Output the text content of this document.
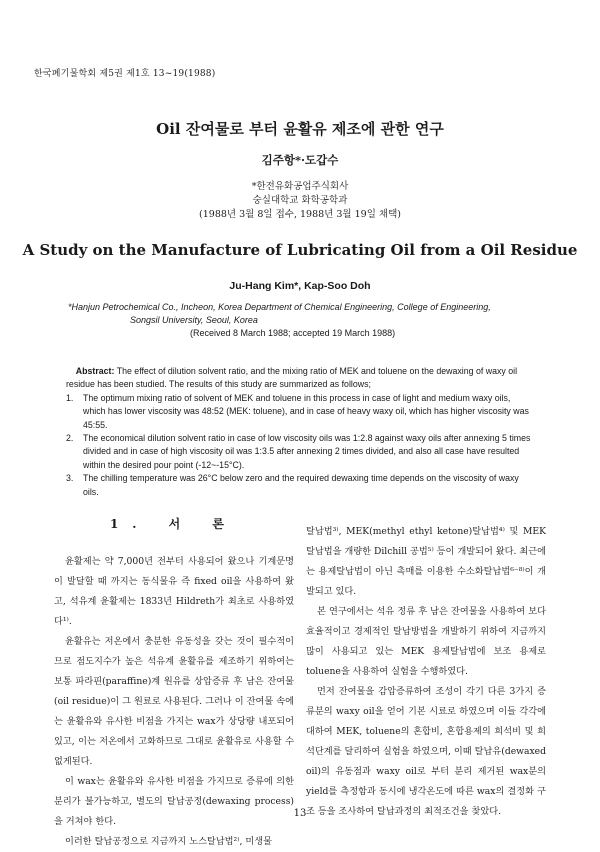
한국폐기물학회 제5권 제1호 13~19(1988)
Oil 잔여물로 부터 윤활유 제조에 관한 연구
김주항*·도갑수
*한전유화공업주식회사
숭실대학교 화학공학과
(1988년 3월 8일 접수, 1988년 3월 19일 채택)
A Study on the Manufacture of Lubricating Oil from a Oil Residue
Ju-Hang Kim*, Kap-Soo Doh
*Hanjun Petrochemical Co., Incheon, Korea Department of Chemical Engineering, College of Engineering,
Songsil University, Seoul, Korea
(Received 8 March 1988; accepted 19 March 1988)
Abstract: The effect of dilution solvent ratio, and the mixing ratio of MEK and toluene on the dewaxing of waxy oil residue has been studied. The results of this study are summarized as follows;
1. The optimum mixing ratio of solvent of MEK and toluene in this process in case of light and medium waxy oils, which has lower viscosity was 48:52 (MEK: toluene), and in case of heavy waxy oil, which has higher viscosity was 45:55.
2. The economical dilution solvent ratio in case of low viscosity oils was 1:2.8 against waxy oils after annexing 5 times divided and in case of high viscosity oil was 1:3.5 after annexing 2 times divided, and also all case have resulted within the desired pour point (-12~-15°C).
3. The chilling temperature was 26°C below zero and the required dewaxing time depends on the viscosity of waxy oils.

1. 서 론

윤활제는 약 7,000년 전부터 사용되어 왔으나 기계문명이 발달할 때 까지는 동식물유 즉 fixed oil을 사용하여 왔고, 석유계 윤활제는 1833년 Hildreth가 최초로 사용하였다¹⁾.

윤활유는 저온에서 충분한 유동성을 갖는 것이 필수적이므로 점도지수가 높은 석유계 윤활유를 제조하기 위하여는 보통 파라핀(paraffine)계 원유를 상압증류 후 남은 잔여물(oil residue)이 그 원료로 사용된다. 그러나 이 잔여물 속에는 윤활유와 유사한 비점을 가지는 wax가 상당량 내포되어 있고, 이는 저온에서 고화하므로 그대로 윤활유로 사용할 수 없게된다.

이 wax는 윤활유와 유사한 비점을 가지므로 증류에 의한 분리가 불가능하고, 별도의 탈납공정(dewaxing process)을 거쳐야 한다.

이러한 탈납공정으로 지금까지 노스탈납법²⁾, 미생물

탈납법³⁾, MEK(methyl ethyl ketone)탈납법⁴⁾ 및 MEK 탈납법을 개량한 Dilchill 공법⁵⁾ 등이 개발되어 왔다. 최근에는 용제탈납법이 아닌 촉매를 이용한 수소화탈납법⁶⁻⁸⁾이 개발되고 있다.

본 연구에서는 석유 정류 후 남은 잔여물을 사용하여 보다 효율적이고 경제적인 탈납방법을 개발하기 위하여 지금까지 많이 사용되고 있는 MEK 용제탈납법에 보조 용제로 toluene을 사용하여 실험을 수행하였다.

먼저 잔여물을 감압증류하여 조성이 각기 다른 3가지 증류분의 waxy oil을 얻어 기본 시료로 하였으며 이들 각각에 대하여 MEK, toluene의 혼합비, 혼합용제의 희석비 및 희석단계를 달리하여 실험을 하였으며, 이때 탈납유(dewaxed oil)의 유동점과 waxy oil로 부터 분리 제거된 wax분의 yield를 측정함과 동시에 냉각온도에 따른 wax의 결정화 구조 등을 조사하여 탈납과정의 최적조건을 찾았다.

13
